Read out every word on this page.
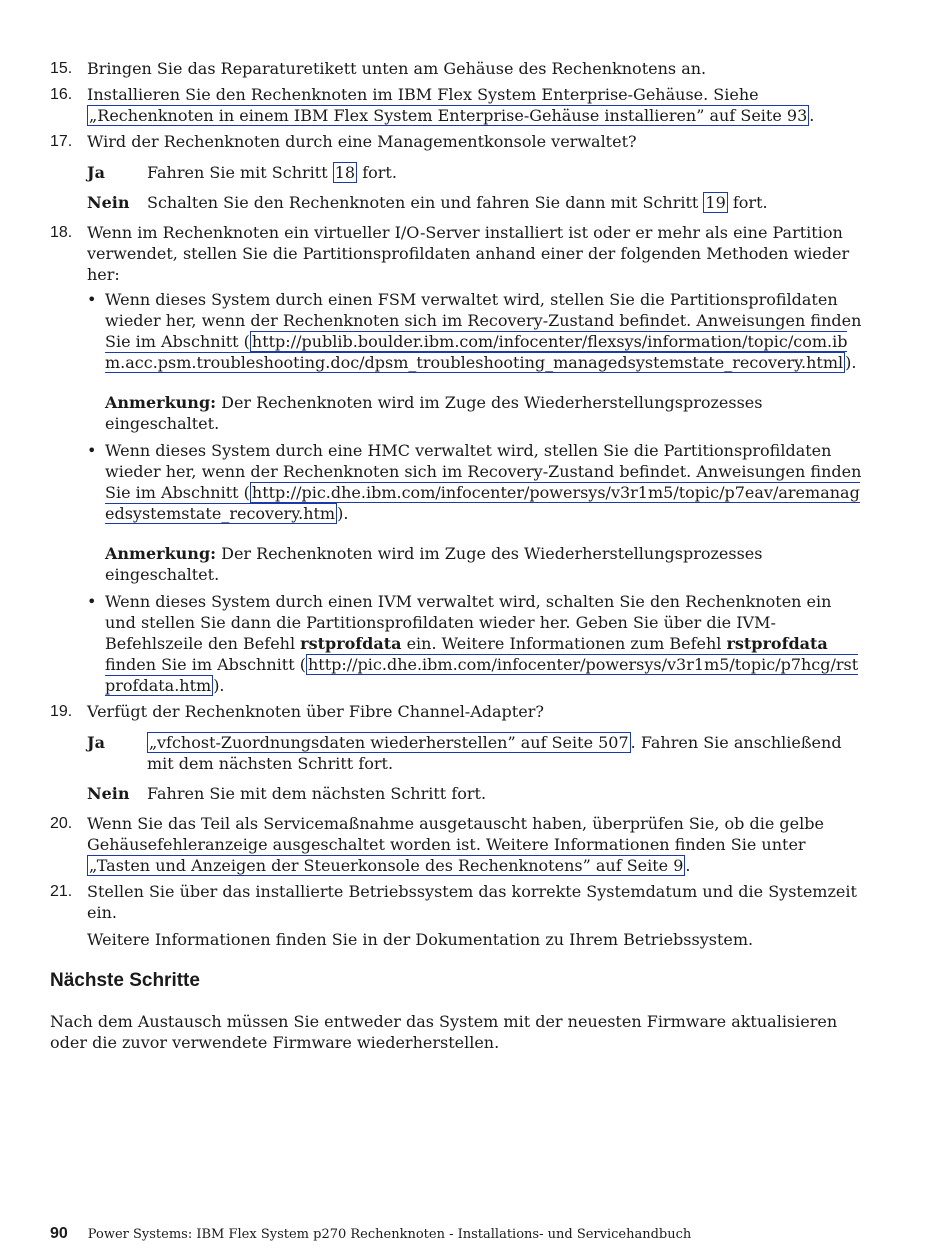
15. Bringen Sie das Reparaturetikett unten am Gehäuse des Rechenknotens an.
16. Installieren Sie den Rechenknoten im IBM Flex System Enterprise-Gehäuse. Siehe „Rechenknoten in einem IBM Flex System Enterprise-Gehäuse installieren” auf Seite 93 .
17. Wird der Rechenknoten durch eine Managementkonsole verwaltet?
Ja	Fahren Sie mit Schritt 18 fort.
Nein	Schalten Sie den Rechenknoten ein und fahren Sie dann mit Schritt 19 fort.
18. Wenn im Rechenknoten ein virtueller I/O-Server installiert ist oder er mehr als eine Partition verwendet, stellen Sie die Partitionsprofildaten anhand einer der folgenden Methoden wieder her:
• Wenn dieses System durch einen FSM verwaltet wird, stellen Sie die Partitionsprofildaten wieder her, wenn der Rechenknoten sich im Recovery-Zustand befindet. Anweisungen finden Sie im Abschnitt ( http://publib.boulder.ibm.com/infocenter/flexsys/information/topic/com.ibm.acc.psm.troubleshooting.doc/dpsm_troubleshooting_managedsystemstate_recovery.html ).
Anmerkung: Der Rechenknoten wird im Zuge des Wiederherstellungsprozesses eingeschaltet.
• Wenn dieses System durch eine HMC verwaltet wird, stellen Sie die Partitionsprofildaten wieder her, wenn der Rechenknoten sich im Recovery-Zustand befindet. Anweisungen finden Sie im Abschnitt ( http://pic.dhe.ibm.com/infocenter/powersys/v3r1m5/topic/p7eav/aremanagedsystemstate_recovery.htm ).
Anmerkung: Der Rechenknoten wird im Zuge des Wiederherstellungsprozesses eingeschaltet.
• Wenn dieses System durch einen IVM verwaltet wird, schalten Sie den Rechenknoten ein und stellen Sie dann die Partitionsprofildaten wieder her. Geben Sie über die IVM-Befehlszeile den Befehl rstprofdata ein. Weitere Informationen zum Befehl rstprofdata finden Sie im Abschnitt ( http://pic.dhe.ibm.com/infocenter/powersys/v3r1m5/topic/p7hcg/rstprofdata.htm ).
19. Verfügt der Rechenknoten über Fibre Channel-Adapter?
Ja	„vfchost-Zuordnungsdaten wiederherstellen” auf Seite 507 . Fahren Sie anschließend mit dem nächsten Schritt fort.
Nein	Fahren Sie mit dem nächsten Schritt fort.
20. Wenn Sie das Teil als Servicemaßnahme ausgetauscht haben, überprüfen Sie, ob die gelbe Gehäusefehleranzeige ausgeschaltet worden ist. Weitere Informationen finden Sie unter „Tasten und Anzeigen der Steuerkonsole des Rechenknotens” auf Seite 9 .
21. Stellen Sie über das installierte Betriebssystem das korrekte Systemdatum und die Systemzeit ein.
Weitere Informationen finden Sie in der Dokumentation zu Ihrem Betriebssystem.
Nächste Schritte

Nach dem Austausch müssen Sie entweder das System mit der neuesten Firmware aktualisieren oder die zuvor verwendete Firmware wiederherstellen.

90 Power Systems: IBM Flex System p270 Rechenknoten - Installations- und Servicehandbuch
